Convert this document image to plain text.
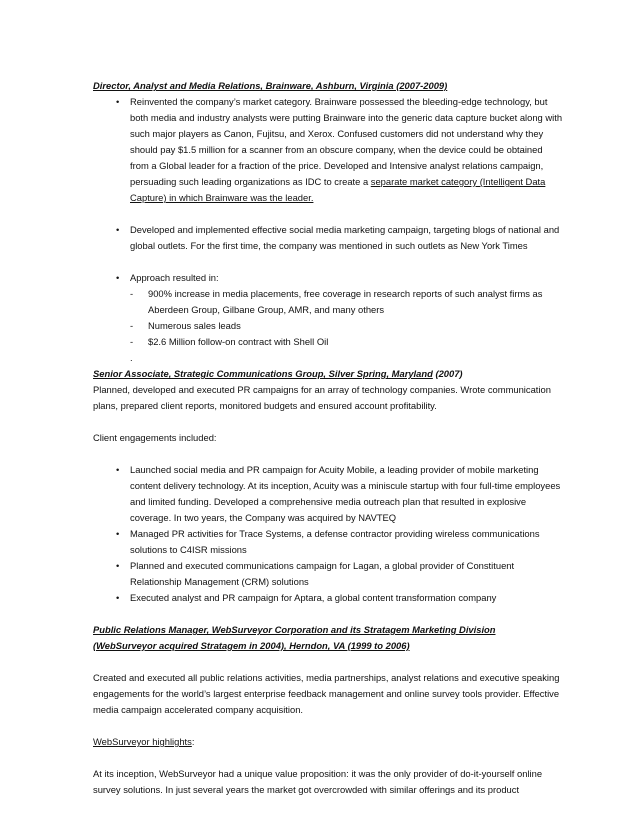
Director, Analyst and Media Relations, Brainware, Ashburn, Virginia (2007-2009)

• Reinvented the company’s market category. Brainware possessed the bleeding-edge technology, but both media and industry analysts were putting Brainware into the generic data capture bucket along with such major players as Canon, Fujitsu, and Xerox. Confused customers did not understand why they should pay $1.5 million for a scanner from an obscure company, when the device could be obtained from a Global leader for a fraction of the price. Developed and Intensive analyst relations campaign, persuading such leading organizations as IDC to create a separate market category (Intelligent Data Capture) in which Brainware was the leader.
• Developed and implemented effective social media marketing campaign, targeting blogs of national and global outlets. For the first time, the company was mentioned in such outlets as New York Times
• Approach resulted in:
- 900% increase in media placements, free coverage in research reports of such analyst firms as Aberdeen Group, Gilbane Group, AMR, and many others
- Numerous sales leads
- $2.6 Million follow-on contract with Shell Oil

.

Senior Associate, Strategic Communications Group, Silver Spring, Maryland (2007)

Planned, developed and executed PR campaigns for an array of technology companies. Wrote communication plans, prepared client reports, monitored budgets and ensured account profitability.

Client engagements included:

• Launched social media and PR campaign for Acuity Mobile, a leading provider of mobile marketing content delivery technology. At its inception, Acuity was a miniscule startup with four full-time employees and limited funding. Developed a comprehensive media outreach plan that resulted in explosive coverage. In two years, the Company was acquired by NAVTEQ
• Managed PR activities for Trace Systems, a defense contractor providing wireless communications solutions to C4ISR missions
• Planned and executed communications campaign for Lagan, a global provider of Constituent Relationship Management (CRM) solutions
• Executed analyst and PR campaign for Aptara, a global content transformation company

Public Relations Manager, WebSurveyor Corporation and its Stratagem Marketing Division

(WebSurveyor acquired Stratagem in 2004), Herndon, VA (1999 to 2006)

Created and executed all public relations activities, media partnerships, analyst relations and executive speaking engagements for the world’s largest enterprise feedback management and online survey tools provider. Effective media campaign accelerated company acquisition.

WebSurveyor highlights:

At its inception, WebSurveyor had a unique value proposition: it was the only provider of do-it-yourself online survey solutions. In just several years the market got overcrowded with similar offerings and its product
